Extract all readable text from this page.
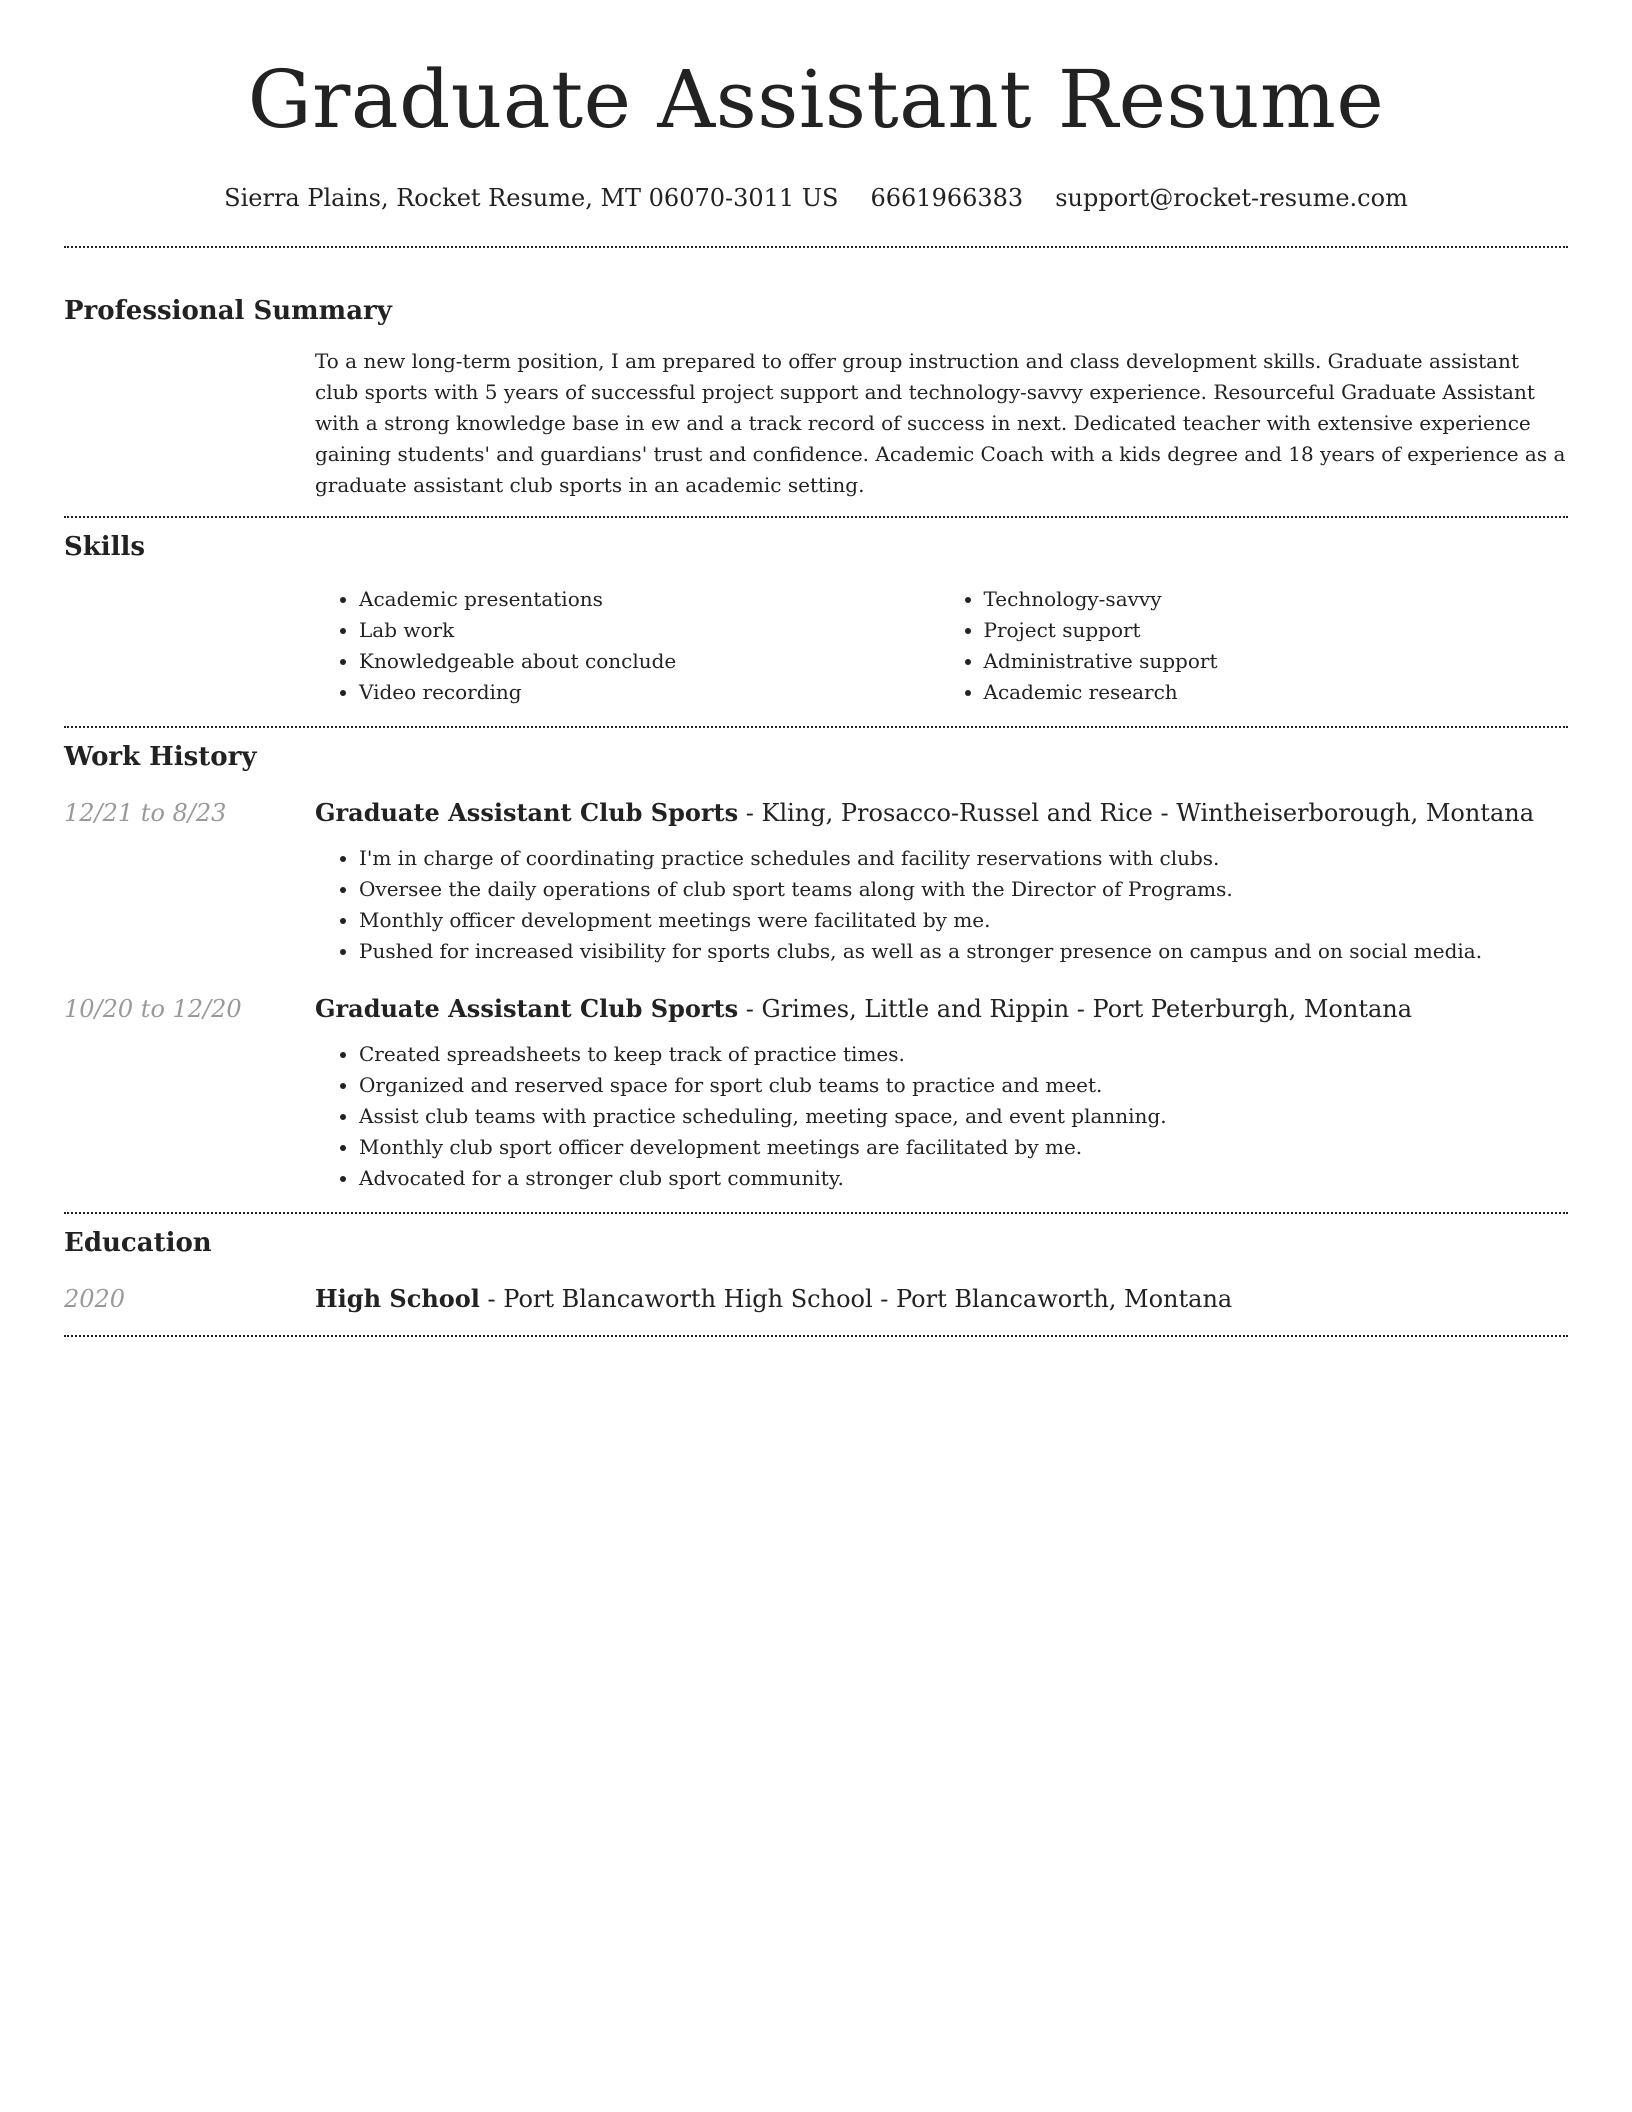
Graduate Assistant Resume
Sierra Plains, Rocket Resume, MT 06070-3011 US 6661966383 support@rocket-resume.com
Professional Summary

To a new long-term position, I am prepared to offer group instruction and class development skills. Graduate assistant club sports with 5 years of successful project support and technology-savvy experience. Resourceful Graduate Assistant with a strong knowledge base in ew and a track record of success in next. Dedicated teacher with extensive experience gaining students' and guardians' trust and confidence. Academic Coach with a kids degree and 18 years of experience as a graduate assistant club sports in an academic setting.

Skills
• Academic presentations
• Lab work
• Knowledgeable about conclude
• Video recording
• Technology-savvy
• Project support
• Administrative support
• Academic research
Work History
12/21 to 8/23	Graduate Assistant Club Sports - Kling, Prosacco-Russel and Rice - Wintheiserborough, Montana
• I'm in charge of coordinating practice schedules and facility reservations with clubs.
• Oversee the daily operations of club sport teams along with the Director of Programs.
• Monthly officer development meetings were facilitated by me.
• Pushed for increased visibility for sports clubs, as well as a stronger presence on campus and on social media.
10/20 to 12/20	Graduate Assistant Club Sports - Grimes, Little and Rippin - Port Peterburgh, Montana
• Created spreadsheets to keep track of practice times.
• Organized and reserved space for sport club teams to practice and meet.
• Assist club teams with practice scheduling, meeting space, and event planning.
• Monthly club sport officer development meetings are facilitated by me.
• Advocated for a stronger club sport community.
Education
2020	High School - Port Blancaworth High School - Port Blancaworth, Montana
